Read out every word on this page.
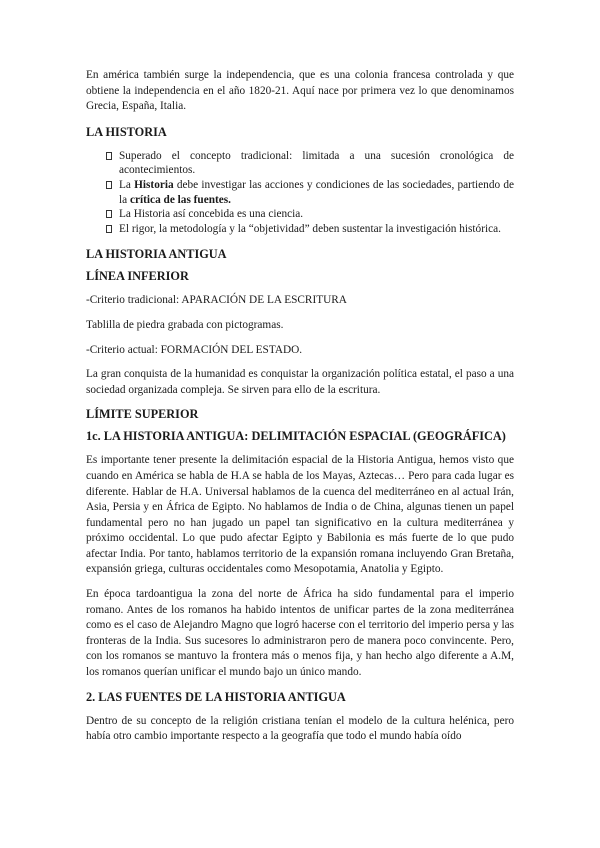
En américa también surge la independencia, que es una colonia francesa controlada y que obtiene la independencia en el año 1820-21. Aquí nace por primera vez lo que denominamos Grecia, España, Italia.

LA HISTORIA

Superado el concepto tradicional: limitada a una sucesión cronológica de acontecimientos.
La Historia debe investigar las acciones y condiciones de las sociedades, partiendo de la crítica de las fuentes.
La Historia así concebida es una ciencia.
El rigor, la metodología y la “objetividad” deben sustentar la investigación histórica.

LA HISTORIA ANTIGUA

LÍNEA INFERIOR

-Criterio tradicional: APARACIÓN DE LA ESCRITURA

Tablilla de piedra grabada con pictogramas.

-Criterio actual: FORMACIÓN DEL ESTADO.

La gran conquista de la humanidad es conquistar la organización política estatal, el paso a una sociedad organizada compleja. Se sirven para ello de la escritura.

LÍMITE SUPERIOR

1c. LA HISTORIA ANTIGUA: DELIMITACIÓN ESPACIAL (GEOGRÁFICA)

Es importante tener presente la delimitación espacial de la Historia Antigua, hemos visto que cuando en América se habla de H.A se habla de los Mayas, Aztecas… Pero para cada lugar es diferente. Hablar de H.A. Universal hablamos de la cuenca del mediterráneo en al actual Irán, Asia, Persia y en África de Egipto. No hablamos de India o de China, algunas tienen un papel fundamental pero no han jugado un papel tan significativo en la cultura mediterránea y próximo occidental. Lo que pudo afectar Egipto y Babilonia es más fuerte de lo que pudo afectar India. Por tanto, hablamos territorio de la expansión romana incluyendo Gran Bretaña, expansión griega, culturas occidentales como Mesopotamia, Anatolia y Egipto.

En época tardoantigua la zona del norte de África ha sido fundamental para el imperio romano. Antes de los romanos ha habido intentos de unificar partes de la zona mediterránea como es el caso de Alejandro Magno que logró hacerse con el territorio del imperio persa y las fronteras de la India. Sus sucesores lo administraron pero de manera poco convincente. Pero, con los romanos se mantuvo la frontera más o menos fija, y han hecho algo diferente a A.M, los romanos querían unificar el mundo bajo un único mando.

2. LAS FUENTES DE LA HISTORIA ANTIGUA

Dentro de su concepto de la religión cristiana tenían el modelo de la cultura helénica, pero había otro cambio importante respecto a la geografía que todo el mundo había oído
